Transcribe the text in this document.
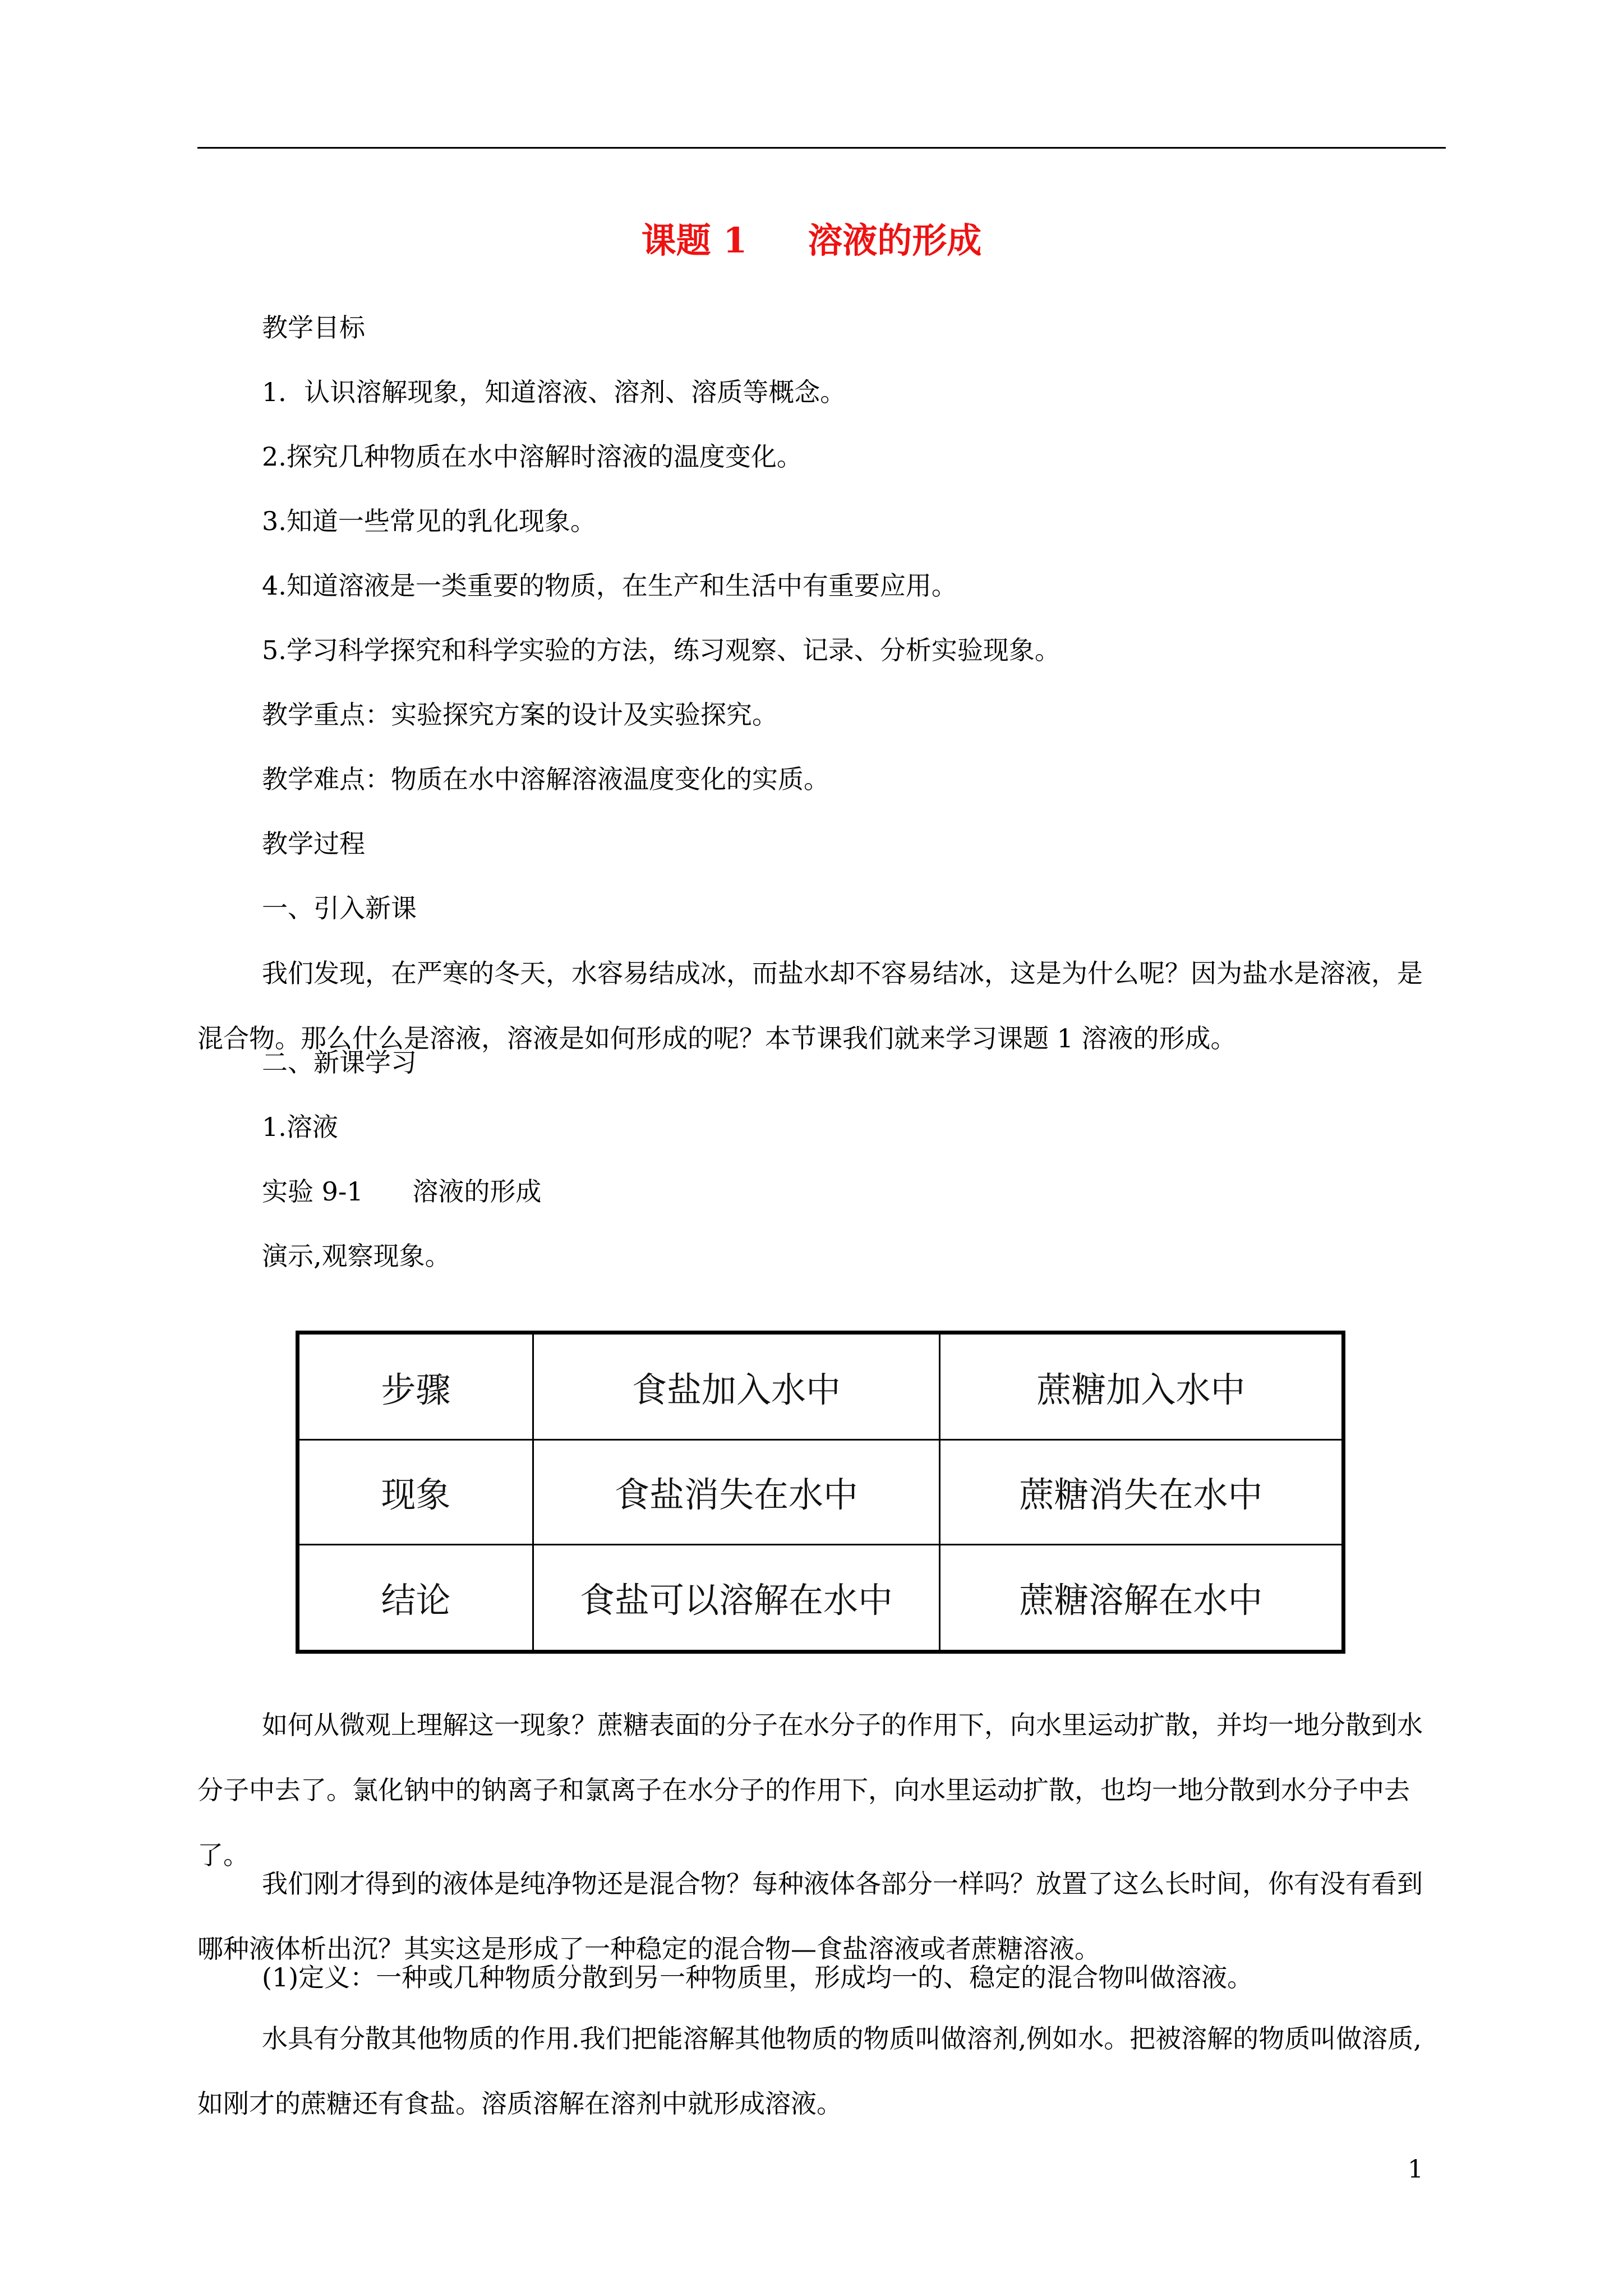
课题 1     溶液的形成
教学目标
1．认识溶解现象，知道溶液、溶剂、溶质等概念。
2.探究几种物质在水中溶解时溶液的温度变化。
3.知道一些常见的乳化现象。
4.知道溶液是一类重要的物质，在生产和生活中有重要应用。
5.学习科学探究和科学实验的方法，练习观察、记录、分析实验现象。
教学重点：实验探究方案的设计及实验探究。
教学难点：物质在水中溶解溶液温度变化的实质。
教学过程
一、引入新课
我们发现，在严寒的冬天，水容易结成冰，而盐水却不容易结冰，这是为什么呢？因为盐水是溶液，是混合物。那么什么是溶液，溶液是如何形成的呢？本节课我们就来学习课题 1 溶液的形成。
二、新课学习
1.溶液
实验 9-1      溶液的形成
演示,观察现象。
步骤	食盐加入水中	蔗糖加入水中
现象	食盐消失在水中	蔗糖消失在水中
结论	食盐可以溶解在水中	蔗糖溶解在水中
如何从微观上理解这一现象？蔗糖表面的分子在水分子的作用下，向水里运动扩散，并均一地分散到水分子中去了。氯化钠中的钠离子和氯离子在水分子的作用下，向水里运动扩散，也均一地分散到水分子中去了。
我们刚才得到的液体是纯净物还是混合物？每种液体各部分一样吗？放置了这么长时间，你有没有看到哪种液体析出沉？其实这是形成了一种稳定的混合物—食盐溶液或者蔗糖溶液。
(1)定义：一种或几种物质分散到另一种物质里，形成均一的、稳定的混合物叫做溶液。
水具有分散其他物质的作用.我们把能溶解其他物质的物质叫做溶剂,例如水。把被溶解的物质叫做溶质,如刚才的蔗糖还有食盐。溶质溶解在溶剂中就形成溶液。
1
